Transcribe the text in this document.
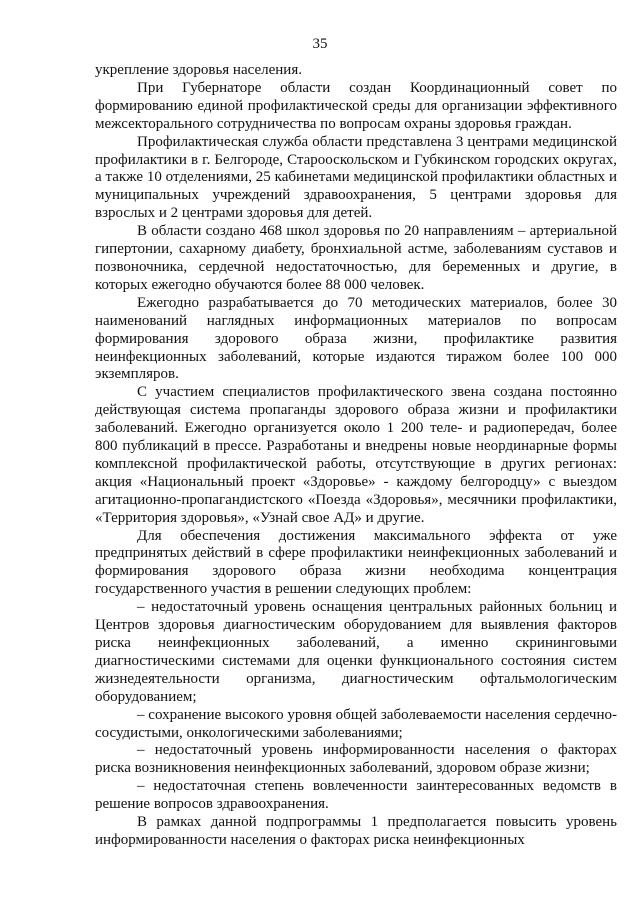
35

укрепление здоровья населения.

При Губернаторе области создан Координационный совет по формированию единой профилактической среды для организации эффективного межсекторального сотрудничества по вопросам охраны здоровья граждан.

Профилактическая служба области представлена 3 центрами медицинской профилактики в г. Белгороде, Старооскольском и Губкинском городских округах, а также 10 отделениями, 25 кабинетами медицинской профилактики областных и муниципальных учреждений здравоохранения, 5 центрами здоровья для взрослых и 2 центрами здоровья для детей.

В области создано 468 школ здоровья по 20 направлениям – артериальной гипертонии, сахарному диабету, бронхиальной астме, заболеваниям суставов и позвоночника, сердечной недостаточностью, для беременных и другие, в которых ежегодно обучаются более 88 000 человек.

Ежегодно разрабатывается до 70 методических материалов, более 30 наименований наглядных информационных материалов по вопросам формирования здорового образа жизни, профилактике развития неинфекционных заболеваний, которые издаются тиражом более 100 000 экземпляров.

С участием специалистов профилактического звена создана постоянно действующая система пропаганды здорового образа жизни и профилактики заболеваний. Ежегодно организуется около 1 200 теле- и радиопередач, более 800 публикаций в прессе. Разработаны и внедрены новые неординарные формы комплексной профилактической работы, отсутствующие в других регионах: акция «Национальный проект «Здоровье» - каждому белгородцу» с выездом агитационно-пропагандистского «Поезда «Здоровья», месячники профилактики, «Территория здоровья», «Узнай свое АД» и другие.

Для обеспечения достижения максимального эффекта от уже предпринятых действий в сфере профилактики неинфекционных заболеваний и формирования здорового образа жизни необходима концентрация государственного участия в решении следующих проблем:

– недостаточный уровень оснащения центральных районных больниц и Центров здоровья диагностическим оборудованием для выявления факторов риска неинфекционных заболеваний, а именно скрининговыми диагностическими системами для оценки функционального состояния систем жизнедеятельности организма, диагностическим офтальмологическим оборудованием;

– сохранение высокого уровня общей заболеваемости населения сердечно-сосудистыми, онкологическими заболеваниями;

– недостаточный уровень информированности населения о факторах риска возникновения неинфекционных заболеваний, здоровом образе жизни;

– недостаточная степень вовлеченности заинтересованных ведомств в решение вопросов здравоохранения.

В рамках данной подпрограммы 1 предполагается повысить уровень информированности населения о факторах риска неинфекционных
